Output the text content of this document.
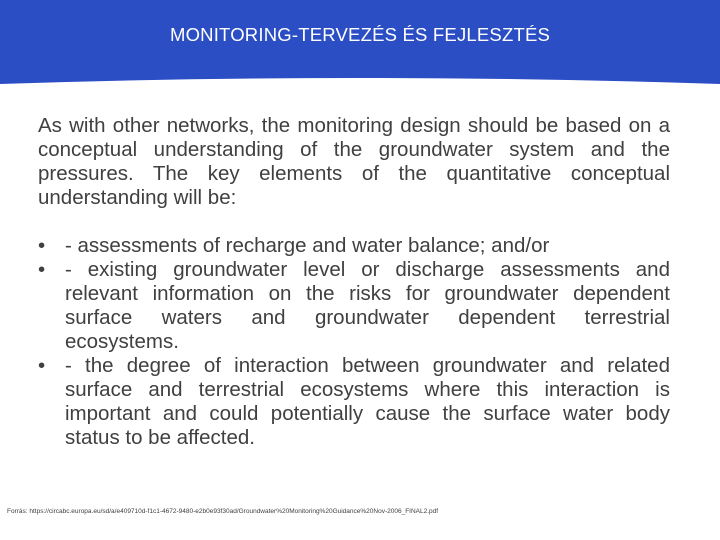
MONITORING-TERVEZÉS ÉS FEJLESZTÉS

As with other networks, the monitoring design should be based on a conceptual understanding of the groundwater system and the pressures. The key elements of the quantitative conceptual understanding will be:

• - assessments of recharge and water balance; and/or
• - existing groundwater level or discharge assessments and relevant information on the risks for groundwater dependent surface waters and groundwater dependent terrestrial ecosystems.
• - the degree of interaction between groundwater and related surface and terrestrial ecosystems where this interaction is important and could potentially cause the surface water body status to be affected.
Forrás: https://circabc.europa.eu/sd/a/e409710d-f1c1-4672-9480-e2b0e93f30ad/Groundwater%20Monitoring%20Guidance%20Nov-2006_FINAL2.pdf
